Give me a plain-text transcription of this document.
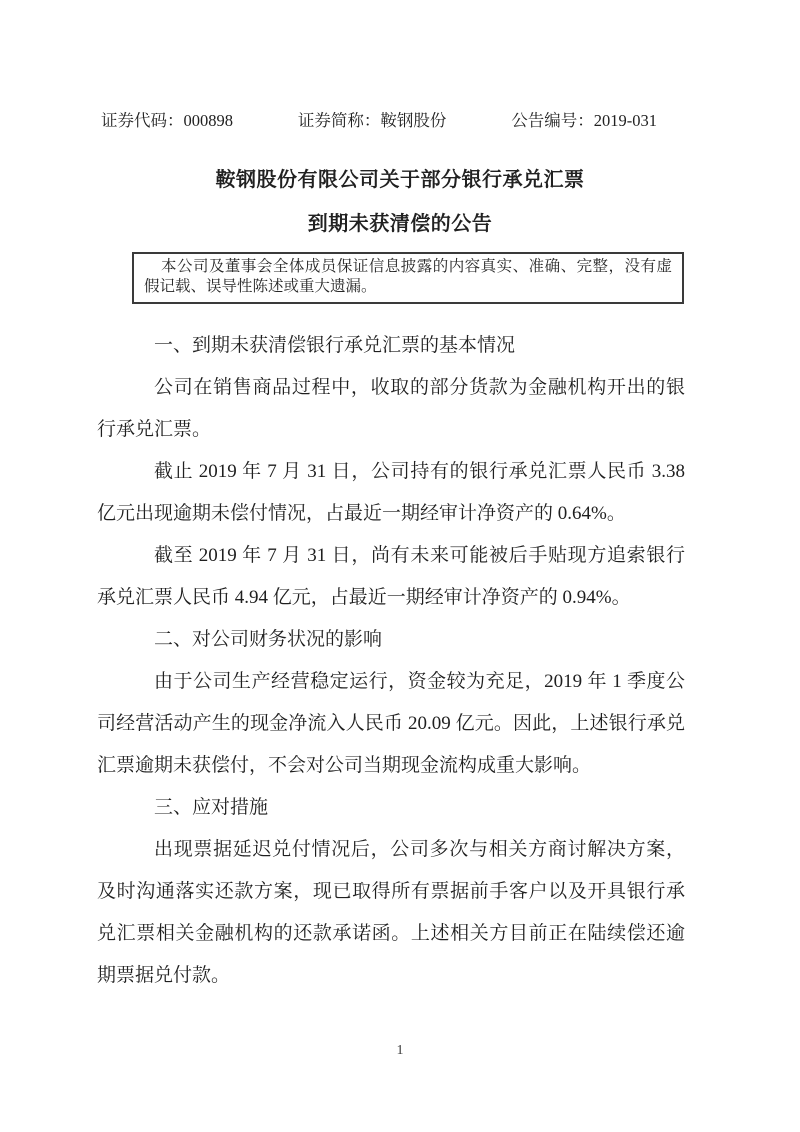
证券代码：000898	证券简称：鞍钢股份	公告编号：2019-031
鞍钢股份有限公司关于部分银行承兑汇票
到期未获清偿的公告

本公司及董事会全体成员保证信息披露的内容真实、准确、完整，没有虚假记载、误导性陈述或重大遗漏。

一、到期未获清偿银行承兑汇票的基本情况

公司在销售商品过程中，收取的部分货款为金融机构开出的银行承兑汇票。

截止 2019 年 7 月 31 日，公司持有的银行承兑汇票人民币 3.38 亿元出现逾期未偿付情况，占最近一期经审计净资产的 0.64%。

截至 2019 年 7 月 31 日，尚有未来可能被后手贴现方追索银行承兑汇票人民币 4.94 亿元，占最近一期经审计净资产的 0.94%。

二、对公司财务状况的影响

由于公司生产经营稳定运行，资金较为充足，2019 年 1 季度公司经营活动产生的现金净流入人民币 20.09 亿元。因此，上述银行承兑汇票逾期未获偿付，不会对公司当期现金流构成重大影响。

三、应对措施

出现票据延迟兑付情况后，公司多次与相关方商讨解决方案，及时沟通落实还款方案，现已取得所有票据前手客户以及开具银行承兑汇票相关金融机构的还款承诺函。上述相关方目前正在陆续偿还逾期票据兑付款。

1
